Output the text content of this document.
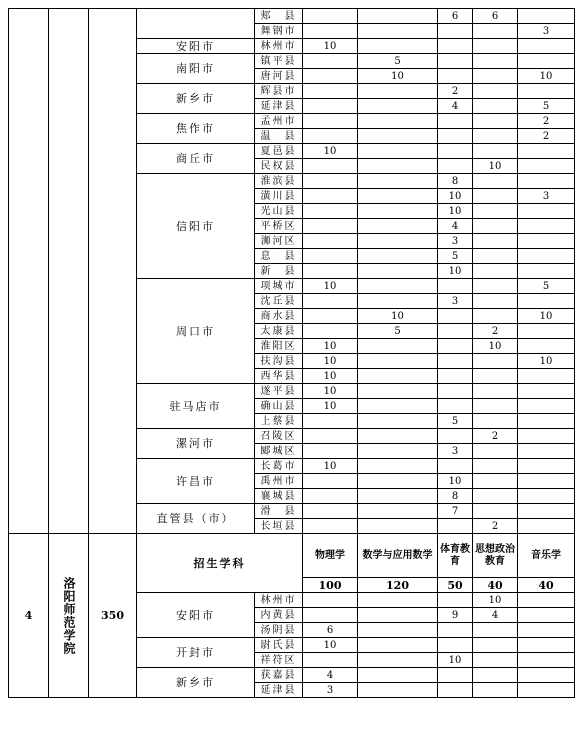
				郏　县			6	6	
				舞钢市					3
			安阳市	林州市	10				
			南阳市	镇平县		5			
				唐河县		10			10
			新乡市	辉县市			2		
				延津县			4		5
			焦作市	孟州市					2
				温　县					2
			商丘市	夏邑县	10				
				民权县				10	
			信阳市	淮滨县			8		
				潢川县			10		3
				光山县			10		
				平桥区			4		
				浉河区			3		
				息　县			5		
				新　县			10		
			周口市	项城市	10				5
				沈丘县			3		
				商水县		10			10
				太康县		5		2	
				淮阳区	10			10	
				扶沟县	10				10
				西华县	10				
			驻马店市	遂平县	10				
				确山县	10				
				上蔡县			5		
			漯河市	召陵区				2	
				郾城区			3		
			许昌市	长葛市	10				
				禹州市			10		
				襄城县			8		
			直管县（市）	滑　县			7		
				长垣县				2	
4	洛阳师范学院	350	招生学科		物理学	数学与应用数学	体育教育	思想政治教育	音乐学
					100	120	50	40	40
			安阳市	林州市				10	
				内黄县			9	4	
				汤阴县	6				
			开封市	尉氏县	10				
				祥符区			10		
			新乡市	获嘉县	4				
				延津县	3				
